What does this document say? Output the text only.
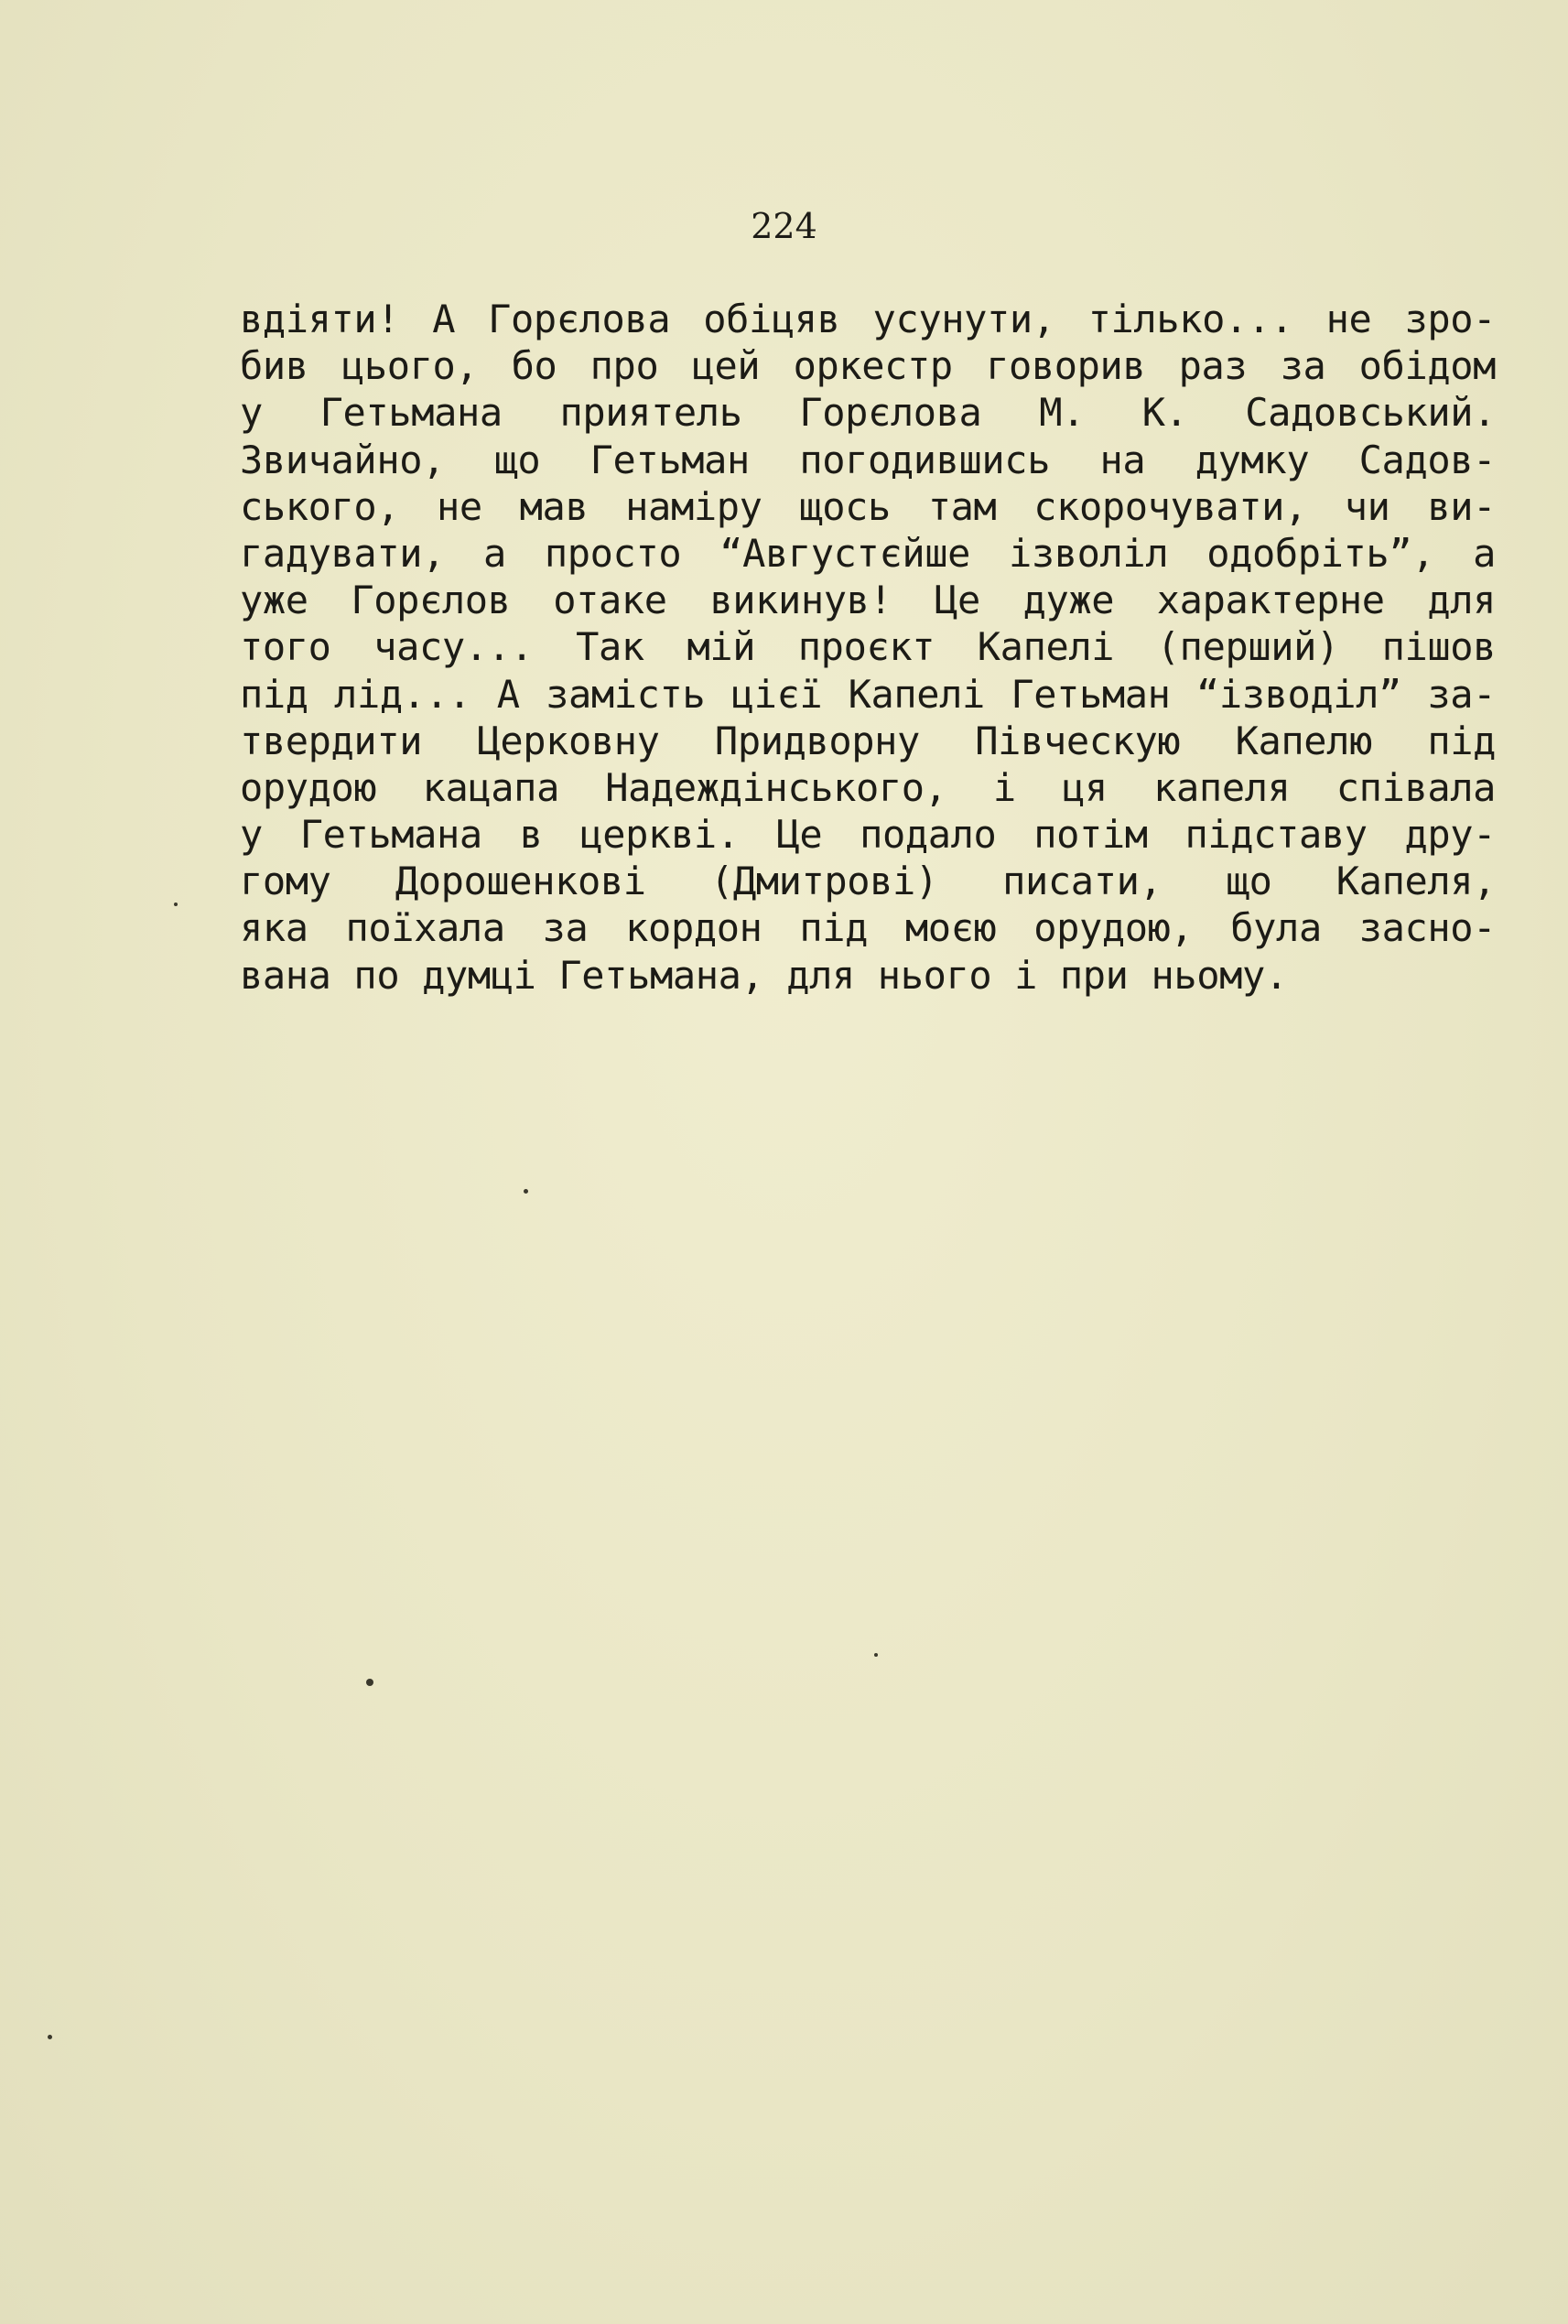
224
вдіяти! А Горєлова обіцяв усунути, тілько... не зро-
бив цього, бо про цей оркестр говорив раз за обідом
у Гетьмана приятель Горєлова М. К. Садовський.
Звичайно, що Гетьман погодившись на думку Садов-
ського, не мав наміру щось там скорочувати, чи ви-
гадувати, а просто “Августєйше ізволіл одобріть”, а
уже Горєлов отаке викинув! Це дуже характерне для
того часу... Так мій проєкт Капелі (перший) пішов
під лід... А замість цієї Капелі Гетьман “ізводіл” за-
твердити Церковну Придворну Півческую Капелю під
орудою кацапа Надеждінського, і ця капеля співала
у Гетьмана в церкві. Це подало потім підставу дру-
гому Дорошенкові (Дмитрові) писати, що Капеля,
яка поїхала за кордон під моєю орудою, була засно-
вана по думці Гетьмана, для нього і при ньому.
